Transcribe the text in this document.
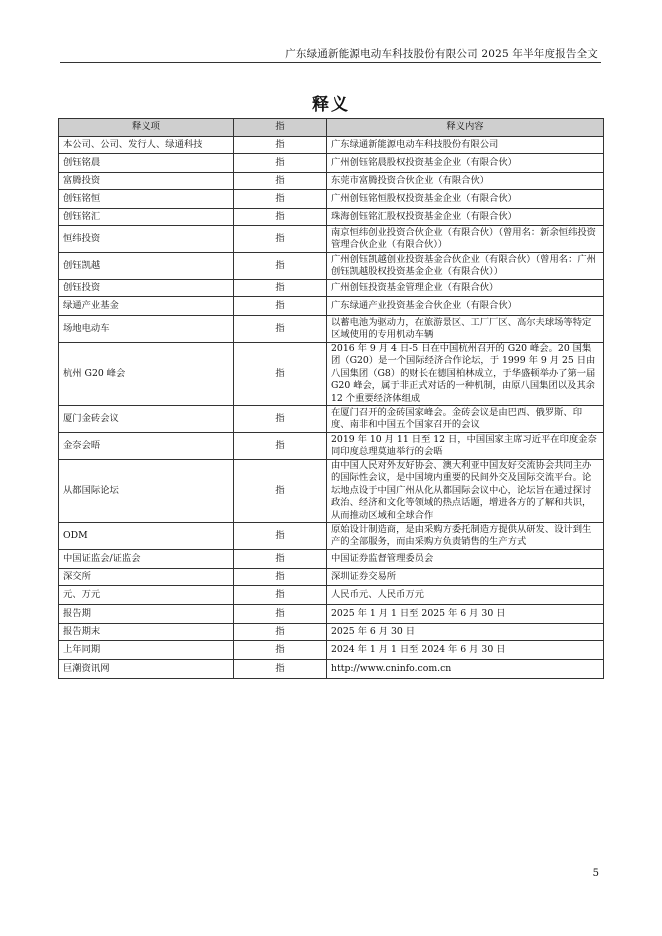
广东绿通新能源电动车科技股份有限公司 2025 年半年度报告全文
释义
释义项	指	释义内容
本公司、公司、发行人、绿通科技	指	广东绿通新能源电动车科技股份有限公司
创钰铭晨	指	广州创钰铭晨股权投资基金企业（有限合伙）
富腾投资	指	东莞市富腾投资合伙企业（有限合伙）
创钰铭恒	指	广州创钰铭恒股权投资基金企业（有限合伙）
创钰铭汇	指	珠海创钰铭汇股权投资基金企业（有限合伙）
恒纬投资	指	南京恒纬创业投资合伙企业（有限合伙）（曾用名：新余恒纬投资管理合伙企业（有限合伙））
创钰凯越	指	广州创钰凯越创业投资基金合伙企业（有限合伙）（曾用名：广州创钰凯越股权投资基金企业（有限合伙））
创钰投资	指	广州创钰投资基金管理企业（有限合伙）
绿通产业基金	指	广东绿通产业投资基金合伙企业（有限合伙）
场地电动车	指	以蓄电池为驱动力，在旅游景区、工厂厂区、高尔夫球场等特定区域使用的专用机动车辆
杭州 G20 峰会	指	2016 年 9 月 4 日-5 日在中国杭州召开的 G20 峰会。20 国集团（G20）是一个国际经济合作论坛，于 1999 年 9 月 25 日由八国集团（G8）的财长在德国柏林成立，于华盛顿举办了第一届 G20 峰会，属于非正式对话的一种机制，由原八国集团以及其余 12 个重要经济体组成
厦门金砖会议	指	在厦门召开的金砖国家峰会。金砖会议是由巴西、俄罗斯、印度、南非和中国五个国家召开的会议
金奈会晤	指	2019 年 10 月 11 日至 12 日，中国国家主席习近平在印度金奈同印度总理莫迪举行的会晤
从都国际论坛	指	由中国人民对外友好协会、澳大利亚中国友好交流协会共同主办的国际性会议，是中国境内重要的民间外交及国际交流平台。论坛地点设于中国广州从化从都国际会议中心，论坛旨在通过探讨政治、经济和文化等领域的热点话题，增进各方的了解和共识，从而推动区域和全球合作
ODM	指	原始设计制造商，是由采购方委托制造方提供从研发、设计到生产的全部服务，而由采购方负责销售的生产方式
中国证监会/证监会	指	中国证券监督管理委员会
深交所	指	深圳证券交易所
元、万元	指	人民币元、人民币万元
报告期	指	2025 年 1 月 1 日至 2025 年 6 月 30 日
报告期末	指	2025 年 6 月 30 日
上年同期	指	2024 年 1 月 1 日至 2024 年 6 月 30 日
巨潮资讯网	指	http://www.cninfo.com.cn
5
